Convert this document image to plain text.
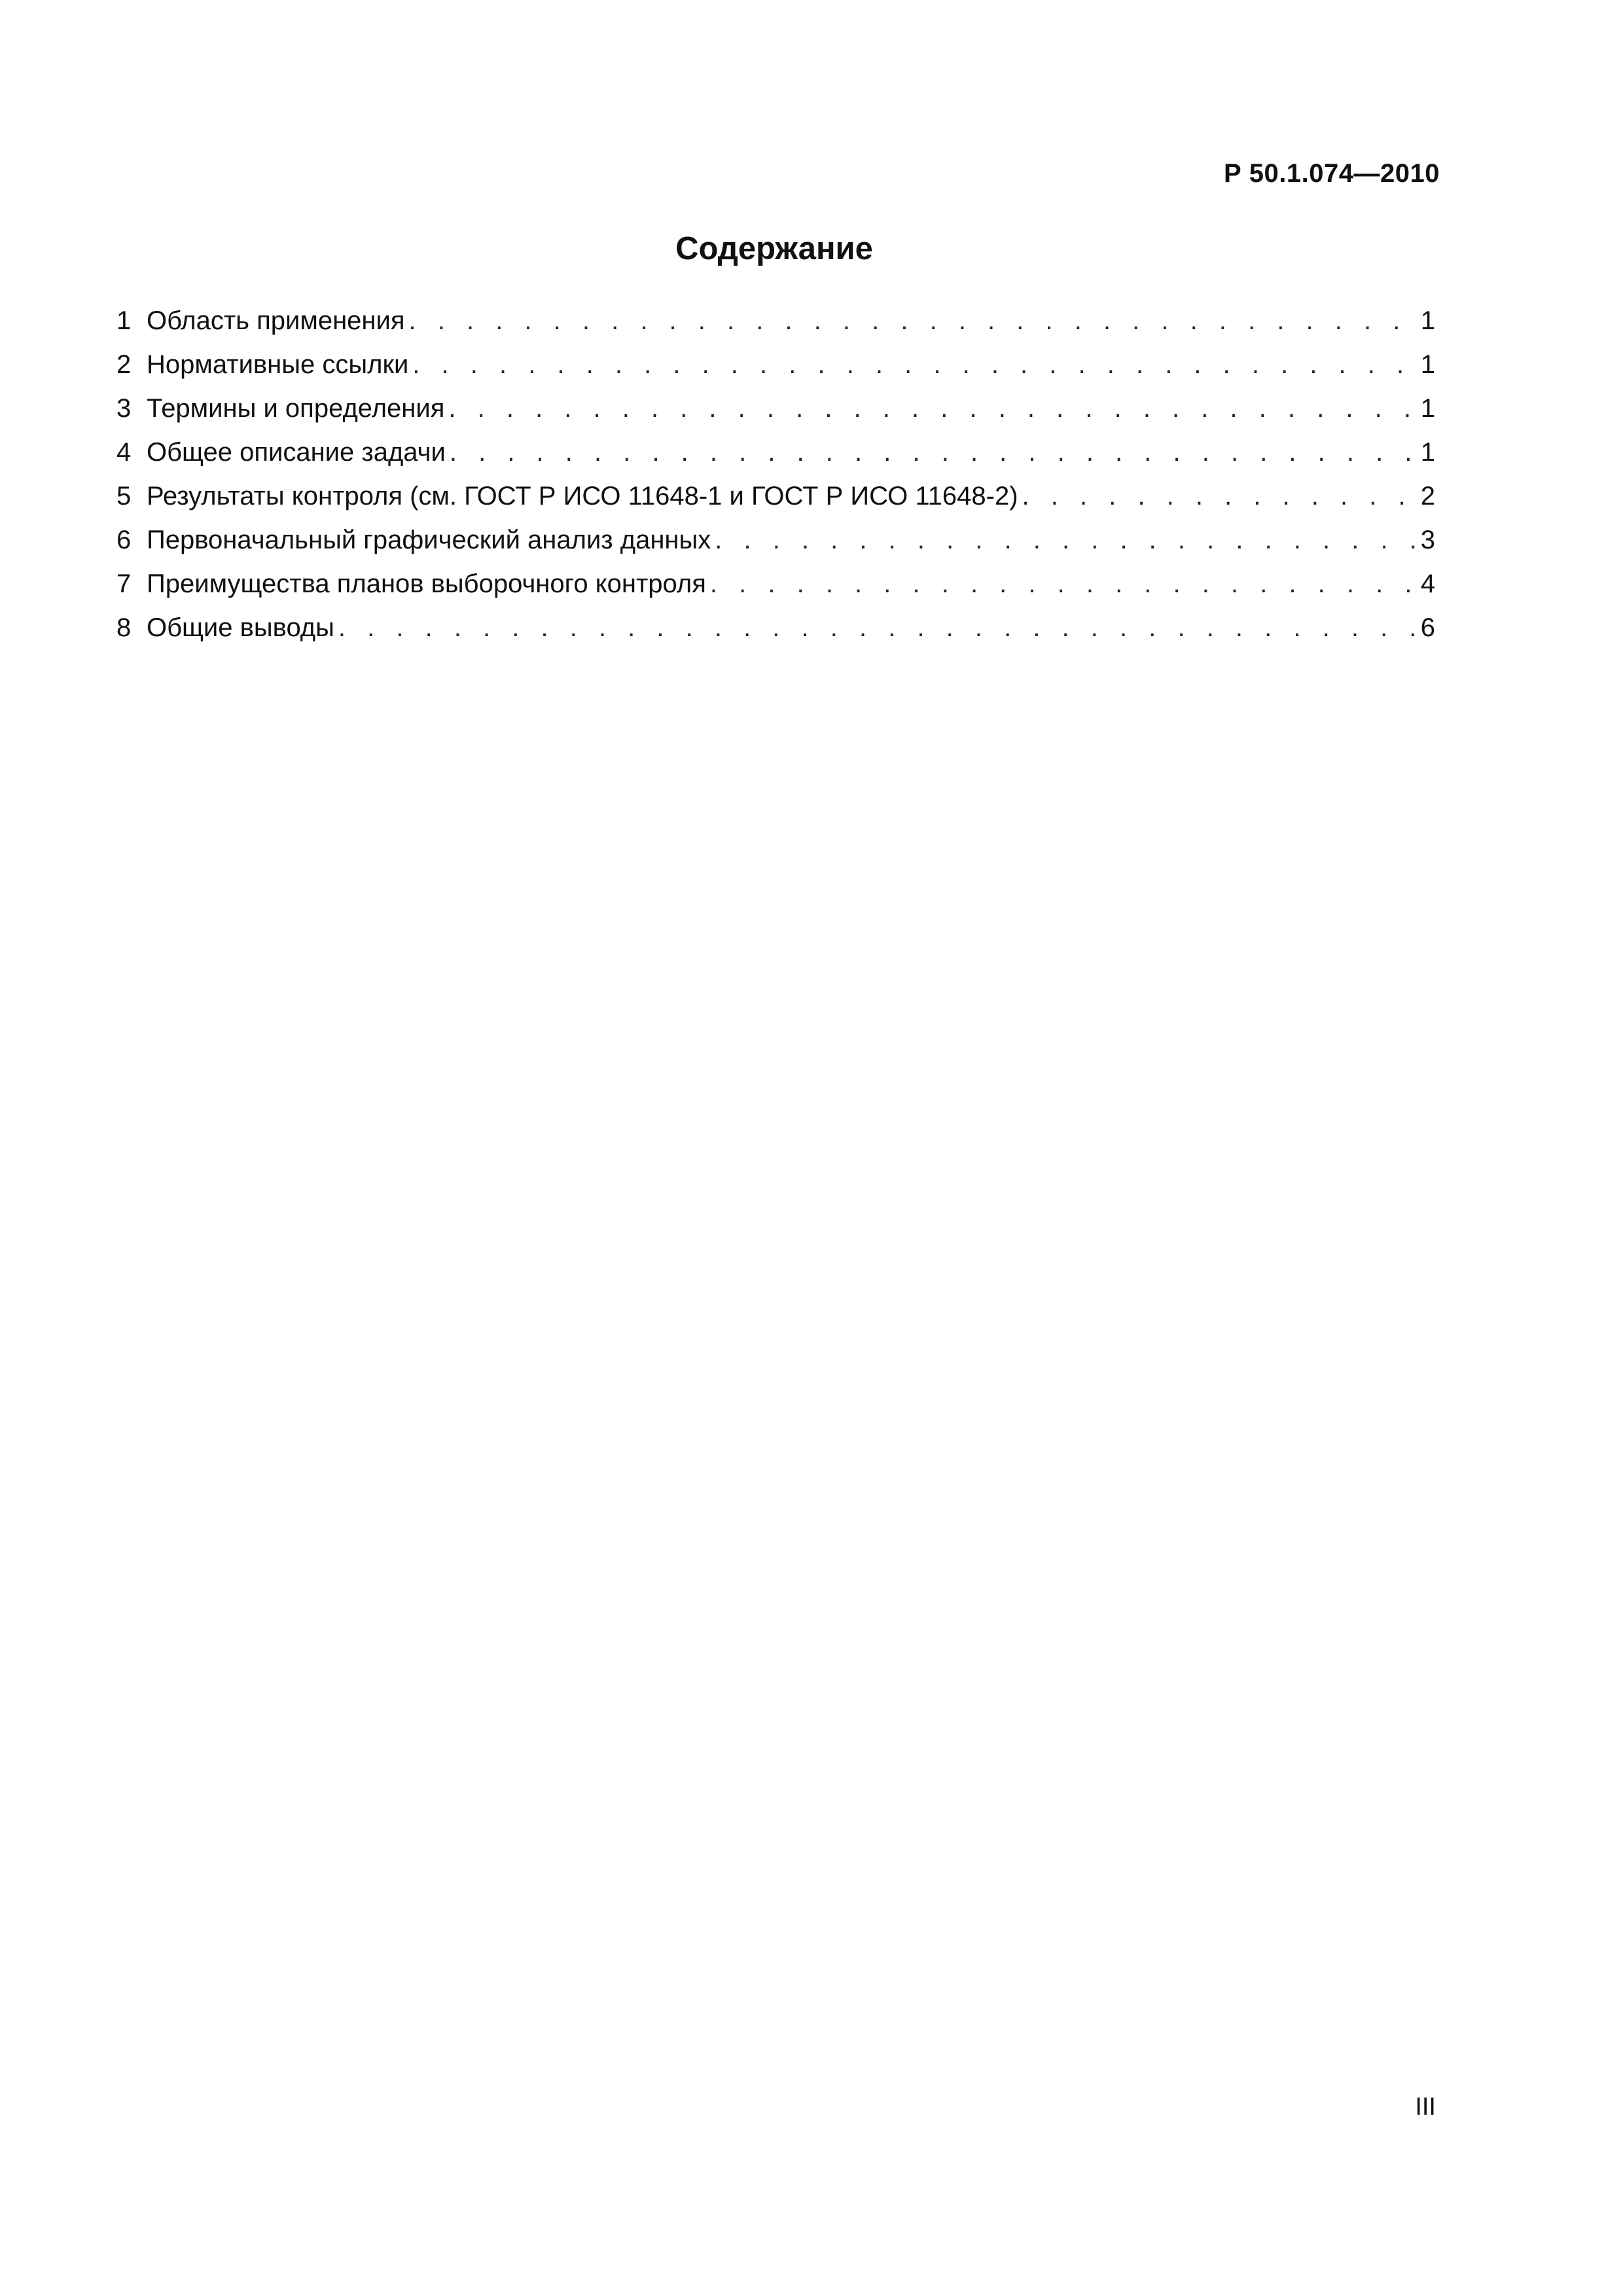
Р 50.1.074—2010
Содержание
1 Область применения . . .	1
2 Нормативные ссылки . . .	1
3 Термины и определения . . .	1
4 Общее описание задачи . . .	1
5 Результаты контроля (см. ГОСТ Р ИСО 11648-1 и ГОСТ Р ИСО 11648-2) . . .	2
6 Первоначальный графический анализ данных . . .	3
7 Преимущества планов выборочного контроля . . .	4
8 Общие выводы . . .	6
III
